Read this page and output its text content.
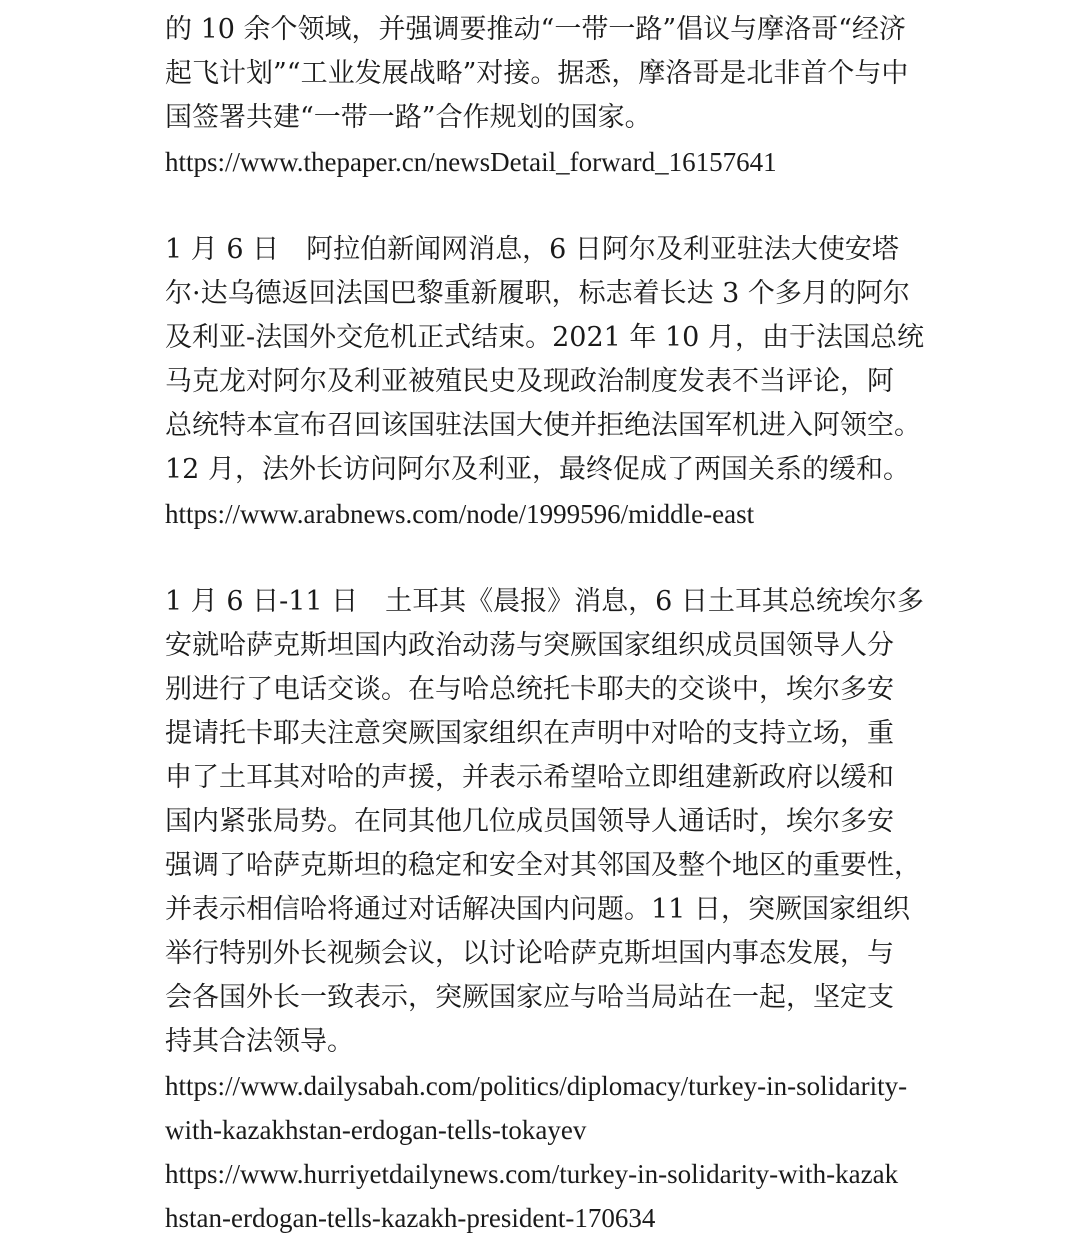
的 10 余个领域，并强调要推动“一带一路”倡议与摩洛哥“经济
起飞计划”“工业发展战略”对接。据悉，摩洛哥是北非首个与中
国签署共建“一带一路”合作规划的国家。
https://www.thepaper.cn/newsDetail_forward_16157641
1 月 6 日　阿拉伯新闻网消息，6 日阿尔及利亚驻法大使安塔
尔·达乌德返回法国巴黎重新履职，标志着长达 3 个多月的阿尔
及利亚-法国外交危机正式结束。2021 年 10 月，由于法国总统
马克龙对阿尔及利亚被殖民史及现政治制度发表不当评论，阿
总统特本宣布召回该国驻法国大使并拒绝法国军机进入阿领空。
12 月，法外长访问阿尔及利亚，最终促成了两国关系的缓和。
https://www.arabnews.com/node/1999596/middle-east
1 月 6 日-11 日　土耳其《晨报》消息，6 日土耳其总统埃尔多
安就哈萨克斯坦国内政治动荡与突厥国家组织成员国领导人分
别进行了电话交谈。在与哈总统托卡耶夫的交谈中，埃尔多安
提请托卡耶夫注意突厥国家组织在声明中对哈的支持立场，重
申了土耳其对哈的声援，并表示希望哈立即组建新政府以缓和
国内紧张局势。在同其他几位成员国领导人通话时，埃尔多安
强调了哈萨克斯坦的稳定和安全对其邻国及整个地区的重要性，
并表示相信哈将通过对话解决国内问题。11 日，突厥国家组织
举行特别外长视频会议，以讨论哈萨克斯坦国内事态发展，与
会各国外长一致表示，突厥国家应与哈当局站在一起，坚定支
持其合法领导。
https://www.dailysabah.com/politics/diplomacy/turkey-in-solidarity-
with-kazakhstan-erdogan-tells-tokayev
https://www.hurriyetdailynews.com/turkey-in-solidarity-with-kazak
hstan-erdogan-tells-kazakh-president-170634
